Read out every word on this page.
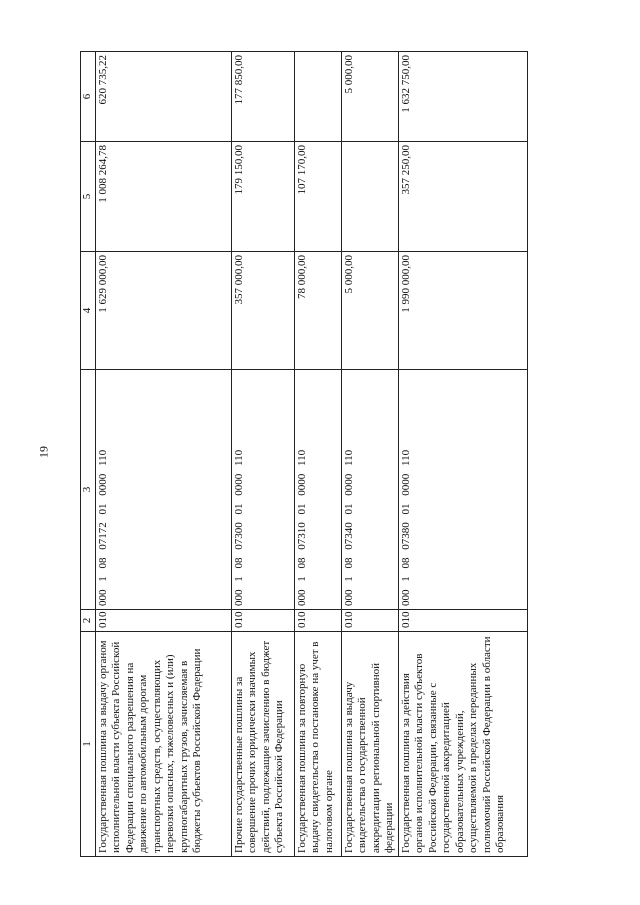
19
1	2	3	4	5	6
Государственная пошлина за выдачу органом исполнительной власти субъекта Российской Федерации специального разрешения на движение по автомобильным дорогам транспортных средств, осуществляющих перевозки опасных, тяжеловесных и (или) крупногабаритных грузов, зачисляемая в бюджеты субъектов Российской Федерации	010	000 1 08 07172 01 0000 110	1 629 000,00	1 008 264,78	620 735,22
Прочие государственные пошлины за совершение прочих юридически значимых действий, подлежащие зачислению в бюджет субъекта Российской Федерации	010	000 1 08 07300 01 0000 110	357 000,00	179 150,00	177 850,00
Государственная пошлина за повторную выдачу свидетельства о постановке на учет в налоговом органе	010	000 1 08 07310 01 0000 110	78 000,00	107 170,00	
Государственная пошлина за выдачу свидетельства о государственной аккредитации региональной спортивной федерации	010	000 1 08 07340 01 0000 110	5 000,00		5 000,00
Государственная пошлина за действия органов исполнительной власти субъектов Российской Федерации, связанные с государственной аккредитацией образовательных учреждений, осуществляемой в пределах переданных полномочий Российской Федерации в области образования	010	000 1 08 07380 01 0000 110	1 990 000,00	357 250,00	1 632 750,00
